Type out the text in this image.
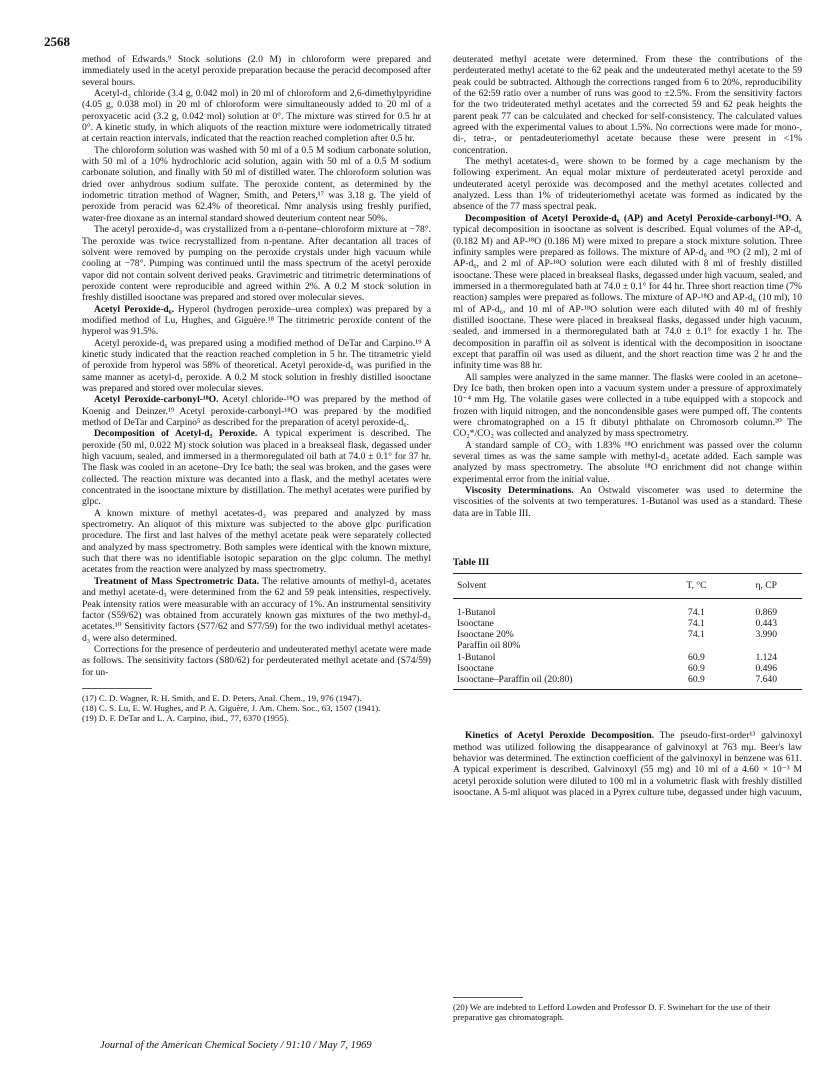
2568

method of Edwards.⁹ Stock solutions (2.0 M) in chloroform were prepared and immediately used in the acetyl peroxide preparation because the peracid decomposed after several hours.

Acetyl-d₃ chloride (3.4 g, 0.042 mol) in 20 ml of chloroform and 2,6-dimethylpyridine (4.05 g, 0.038 mol) in 20 ml of chloroform were simultaneously added to 20 ml of a peroxyacetic acid (3.2 g, 0.042 mol) solution at 0°. The mixture was stirred for 0.5 hr at 0°. A kinetic study, in which aliquots of the reaction mixture were iodometrically titrated at certain reaction intervals, indicated that the reaction reached completion after 0.5 hr.

The chloroform solution was washed with 50 ml of a 0.5 M sodium carbonate solution, with 50 ml of a 10% hydrochloric acid solution, again with 50 ml of a 0.5 M sodium carbonate solution, and finally with 50 ml of distilled water. The chloroform solution was dried over anhydrous sodium sulfate. The peroxide content, as determined by the iodometric titration method of Wagner, Smith, and Peters,¹⁷ was 3.18 g. The yield of peroxide from peracid was 62.4% of theoretical. Nmr analysis using freshly purified, water-free dioxane as an internal standard showed deuterium content near 50%.

The acetyl peroxide-d₃ was crystallized from a n-pentane–chloroform mixture at −78°. The peroxide was twice recrystallized from n-pentane. After decantation all traces of solvent were removed by pumping on the peroxide crystals under high vacuum while cooling at −78°. Pumping was continued until the mass spectrum of the acetyl peroxide vapor did not contain solvent derived peaks. Gravimetric and titrimetric determinations of peroxide content were reproducible and agreed within 2%. A 0.2 M stock solution in freshly distilled isooctane was prepared and stored over molecular sieves.

Acetyl Peroxide-d₆. Hyperol (hydrogen peroxide–urea complex) was prepared by a modified method of Lu, Hughes, and Giguère.¹⁸ The titrimetric peroxide content of the hyperol was 91.5%.

Acetyl peroxide-d₆ was prepared using a modified method of DeTar and Carpino.¹⁹ A kinetic study indicated that the reaction reached completion in 5 hr. The titrametric yield of peroxide from hyperol was 58% of theoretical. Acetyl peroxide-d₆ was purified in the same manner as acetyl-d₃ peroxide. A 0.2 M stock solution in freshly distilled isooctane was prepared and stored over molecular sieves.

Acetyl Peroxide-carbonyl-¹⁸O. Acetyl chloride-¹⁸O was prepared by the method of Koenig and Deinzer.¹⁹ Acetyl peroxide-carbonyl-¹⁸O was prepared by the modified method of DeTar and Carpino⁵ as described for the preparation of acetyl peroxide-d₆.

Decomposition of Acetyl-d₃ Peroxide. A typical experiment is described. The peroxide (50 ml, 0.022 M) stock solution was placed in a breakseal flask, degassed under high vacuum, sealed, and immersed in a thermoregulated oil bath at 74.0 ± 0.1° for 37 hr. The flask was cooled in an acetone–Dry Ice bath; the seal was broken, and the gases were collected. The reaction mixture was decanted into a flask, and the methyl acetates were concentrated in the isooctane mixture by distillation. The methyl acetates were purified by glpc.

A known mixture of methyl acetates-d₃ was prepared and analyzed by mass spectrometry. An aliquot of this mixture was subjected to the above glpc purification procedure. The first and last halves of the methyl acetate peak were separately collected and analyzed by mass spectrometry. Both samples were identical with the known mixture, such that there was no identifiable isotopic separation on the glpc column. The methyl acetates from the reaction were analyzed by mass spectrometry.

Treatment of Mass Spectrometric Data. The relative amounts of methyl-d₃ acetates and methyl acetate-d₃ were determined from the 62 and 59 peak intensities, respectively. Peak intensity ratios were measurable with an accuracy of 1%. An instrumental sensitivity factor (S59/62) was obtained from accurately known gas mixtures of the two methyl-d₃ acetates.¹⁰ Sensitivity factors (S77/62 and S77/59) for the two individual methyl acetates-d₃ were also determined.

Corrections for the presence of perdeuterio and undeuterated methyl acetate were made as follows. The sensitivity factors (S80/62) for perdeuterated methyl acetate and (S74/59) for un-

(17) C. D. Wagner, R. H. Smith, and E. D. Peters, Anal. Chem., 19, 976 (1947).

(18) C. S. Lu, E. W. Hughes, and P. A. Giguère, J. Am. Chem. Soc., 63, 1507 (1941).

(19) D. F. DeTar and L. A. Carpino, ibid., 77, 6370 (1955).

deuterated methyl acetate were determined. From these the contributions of the perdeuterated methyl acetate to the 62 peak and the undeuterated methyl acetate to the 59 peak could be subtracted. Although the corrections ranged from 6 to 20%, reproducibility of the 62:59 ratio over a number of runs was good to ±2.5%. From the sensitivity factors for the two trideuterated methyl acetates and the corrected 59 and 62 peak heights the parent peak 77 can be calculated and checked for self-consistency. The calculated values agreed with the experimental values to about 1.5%. No corrections were made for mono-, di-, tetra-, or pentadeuteriomethyl acetate because these were present in <1% concentration.

The methyl acetates-d₃ were shown to be formed by a cage mechanism by the following experiment. An equal molar mixture of perdeuterated acetyl peroxide and undeuterated acetyl peroxide was decomposed and the methyl acetates collected and analyzed. Less than 1% of trideuteriomethyl acetate was formed as indicated by the absence of the 77 mass spectral peak.

Decomposition of Acetyl Peroxide-d₆ (AP) and Acetyl Peroxide-carbonyl-¹⁸O. A typical decomposition in isooctane as solvent is described. Equal volumes of the AP-d₆ (0.182 M) and AP-¹⁸O (0.186 M) were mixed to prepare a stock mixture solution. Three infinity samples were prepared as follows. The mixture of AP-d₆ and ¹⁸O (2 ml), 2 ml of AP-d₆, and 2 ml of AP-¹⁸O solution were each diluted with 8 ml of freshly distilled isooctane. These were placed in breakseal flasks, degassed under high vacuum, sealed, and immersed in a thermoregulated bath at 74.0 ± 0.1° for 44 hr. Three short reaction time (7% reaction) samples were prepared as follows. The mixture of AP-¹⁸O and AP-d₆ (10 ml), 10 ml of AP-d₆, and 10 ml of AP-¹⁸O solution were each diluted with 40 ml of freshly distilled isooctane. These were placed in breakseal flasks, degassed under high vacuum, sealed, and immersed in a thermoregulated bath at 74.0 ± 0.1° for exactly 1 hr. The decomposition in paraffin oil as solvent is identical with the decomposition in isooctane except that paraffin oil was used as diluent, and the short reaction time was 2 hr and the infinity time was 88 hr.

All samples were analyzed in the same manner. The flasks were cooled in an acetone–Dry Ice bath, then broken open into a vacuum system under a pressure of approximately 10⁻⁴ mm Hg. The volatile gases were collected in a tube equipped with a stopcock and frozen with liquid nitrogen, and the noncondensible gases were pumped off. The contents were chromatographed on a 15 ft dibutyl phthalate on Chromosorb column.²⁰ The CO₂*/CO₂ was collected and analyzed by mass spectrometry.

A standard sample of CO₂ with 1.83% ¹⁸O enrichment was passed over the column several times as was the same sample with methyl-d₃ acetate added. Each sample was analyzed by mass spectrometry. The absolute ¹⁸O enrichment did not change within experimental error from the initial value.

Viscosity Determinations. An Ostwald viscometer was used to determine the viscosities of the solvents at two temperatures. 1-Butanol was used as a standard. These data are in Table III.

Table III
Solvent	T, °C	η, CP
1-Butanol	74.1	0.869
Isooctane	74.1	0.443
Isooctane 20%	74.1	3.990
Paraffin oil 80%		
1-Butanol	60.9	1.124
Isooctane	60.9	0.496
Isooctane–Paraffin oil (20:80)	60.9	7.640

Kinetics of Acetyl Peroxide Decomposition. The pseudo-first-order¹³ galvinoxyl method was utilized following the disappearance of galvinoxyl at 763 mμ. Beer's law behavior was determined. The extinction coefficient of the galvinoxyl in benzene was 611. A typical experiment is described. Galvinoxyl (55 mg) and 10 ml of a 4.60 × 10⁻³ M acetyl peroxide solution were diluted to 100 ml in a volumetric flask with freshly distilled isooctane. A 5-ml aliquot was placed in a Pyrex culture tube, degassed under high vacuum,

(20) We are indebted to Lefford Lowden and Professor D. F. Swinehart for the use of their preparative gas chromatograph.

Journal of the American Chemical Society / 91:10 / May 7, 1969
